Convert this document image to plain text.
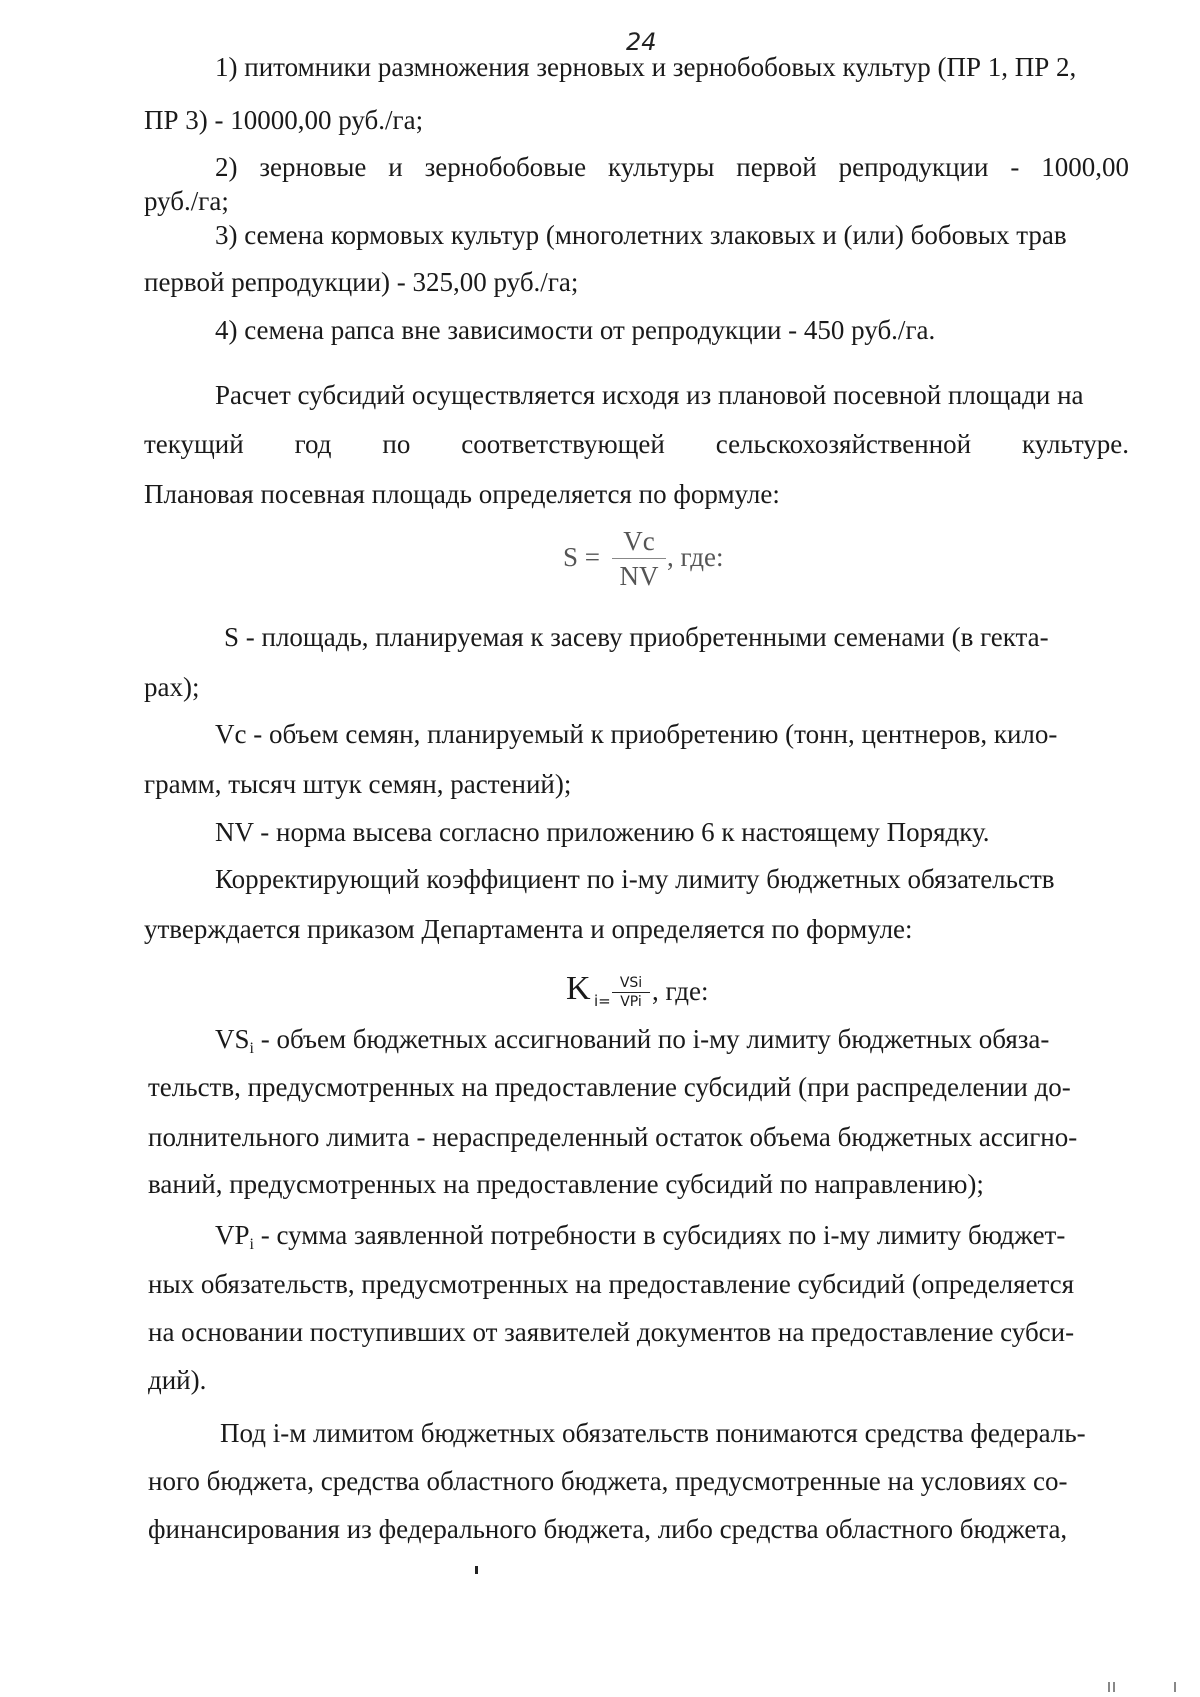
24

1) питомники размножения зерновых и зернобобовых культур (ПР 1, ПР 2,

ПР 3) - 10000,00 руб./га;

2) зерновые и зернобобовые культуры первой репродукции - 1000,00

руб./га;

3) семена кормовых культур (многолетних злаковых и (или) бобовых трав

первой репродукции) - 325,00 руб./га;

4) семена рапса вне зависимости от репродукции - 450 руб./га.

Расчет субсидий осуществляется исходя из плановой посевной площади на

текущий год по соответствующей сельскохозяйственной культуре.

Плановая посевная площадь определяется по формуле:

S =
Vc
NV
, где:

S - площадь, планируемая к засеву приобретенными семенами (в гекта-

рах);

Vc - объем семян, планируемый к приобретению (тонн, центнеров, кило-

грамм, тысяч штук семян, растений);

NV - норма высева согласно приложению 6 к настоящему Порядку.

Корректирующий коэффициент по i-му лимиту бюджетных обязательств

утверждается приказом Департамента и определяется по формуле:

K i=
VSi
VPi , где:

$VS_i$ - объем бюджетных ассигнований по i-му лимиту бюджетных обяза-

тельств, предусмотренных на предоставление субсидий (при распределении до-

полнительного лимита - нераспределенный остаток объема бюджетных ассигно-

ваний, предусмотренных на предоставление субсидий по направлению);

$VP_i$ - сумма заявленной потребности в субсидиях по i-му лимиту бюджет-

ных обязательств, предусмотренных на предоставление субсидий (определяется

на основании поступивших от заявителей документов на предоставление субси-

дий).

Под i-м лимитом бюджетных обязательств понимаются средства федераль-

ного бюджета, средства областного бюджета, предусмотренные на условиях со-

финансирования из федерального бюджета, либо средства областного бюджета,
